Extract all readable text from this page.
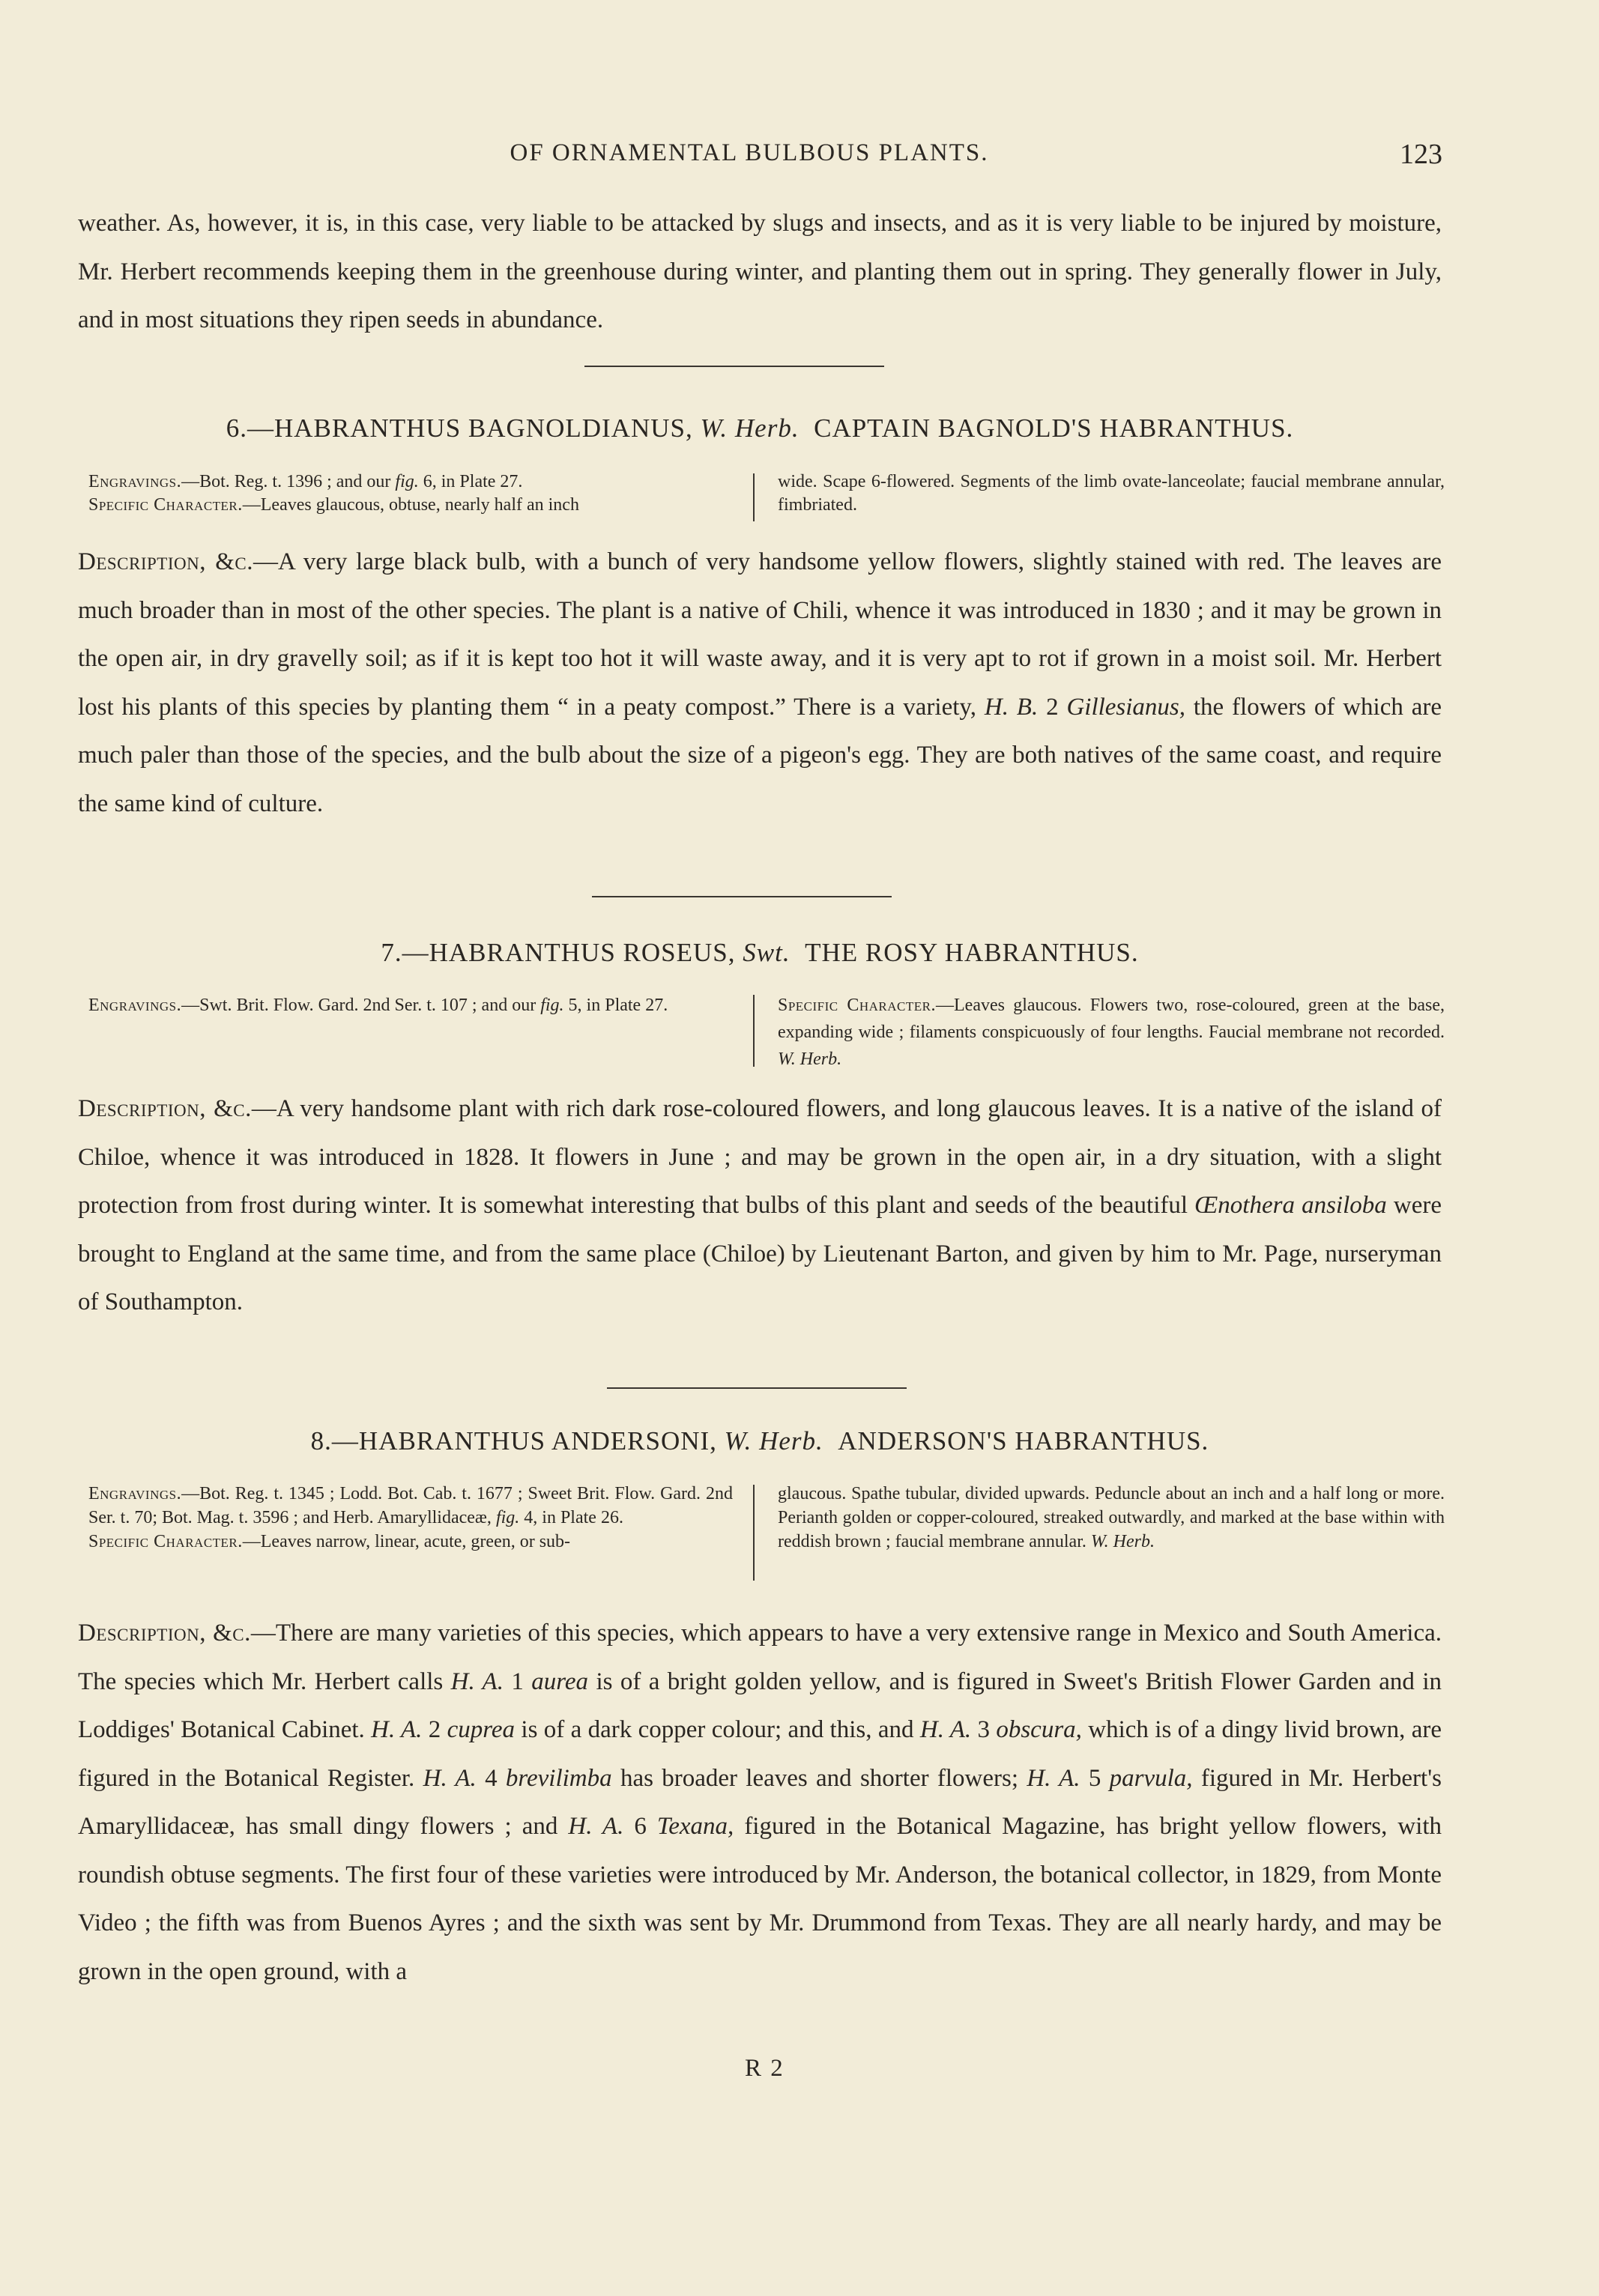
OF ORNAMENTAL BULBOUS PLANTS.	123
weather. As, however, it is, in this case, very liable to be attacked by slugs and insects, and as it is very liable to be injured by moisture, Mr. Herbert recommends keeping them in the greenhouse during winter, and planting them out in spring. They generally flower in July, and in most situations they ripen seeds in abundance.
6.—HABRANTHUS BAGNOLDIANUS, W. Herb. CAPTAIN BAGNOLD'S HABRANTHUS.
Engravings.—Bot. Reg. t. 1396 ; and our fig. 6, in Plate 27.
Specific Character.—Leaves glaucous, obtuse, nearly half an inch
wide. Scape 6-flowered. Segments of the limb ovate-lanceolate; faucial membrane annular, fimbriated.
Description, &c.—A very large black bulb, with a bunch of very handsome yellow flowers, slightly stained with red. The leaves are much broader than in most of the other species. The plant is a native of Chili, whence it was introduced in 1830 ; and it may be grown in the open air, in dry gravelly soil; as if it is kept too hot it will waste away, and it is very apt to rot if grown in a moist soil. Mr. Herbert lost his plants of this species by planting them “ in a peaty compost.” There is a variety, H. B. 2 Gillesianus, the flowers of which are much paler than those of the species, and the bulb about the size of a pigeon's egg. They are both natives of the same coast, and require the same kind of culture.
7.—HABRANTHUS ROSEUS, Swt. THE ROSY HABRANTHUS.
Engravings.—Swt. Brit. Flow. Gard. 2nd Ser. t. 107 ; and our fig. 5, in Plate 27.	Specific Character.—Leaves glaucous. Flowers two, rose-coloured, green at the base, expanding wide ; filaments conspicuously of four lengths. Faucial membrane not recorded. W. Herb.
Description, &c.—A very handsome plant with rich dark rose-coloured flowers, and long glaucous leaves. It is a native of the island of Chiloe, whence it was introduced in 1828. It flowers in June ; and may be grown in the open air, in a dry situation, with a slight protection from frost during winter. It is somewhat interesting that bulbs of this plant and seeds of the beautiful Œnothera ansiloba were brought to England at the same time, and from the same place (Chiloe) by Lieutenant Barton, and given by him to Mr. Page, nurseryman of Southampton.
8.—HABRANTHUS ANDERSONI, W. Herb. ANDERSON'S HABRANTHUS.
Engravings.—Bot. Reg. t. 1345 ; Lodd. Bot. Cab. t. 1677 ; Sweet Brit. Flow. Gard. 2nd Ser. t. 70; Bot. Mag. t. 3596 ; and Herb. Amaryllidaceæ, fig. 4, in Plate 26.
Specific Character.—Leaves narrow, linear, acute, green, or sub-
glaucous. Spathe tubular, divided upwards. Peduncle about an inch and a half long or more. Perianth golden or copper-coloured, streaked outwardly, and marked at the base within with reddish brown ; faucial membrane annular. W. Herb.
Description, &c.—There are many varieties of this species, which appears to have a very extensive range in Mexico and South America. The species which Mr. Herbert calls H. A. 1 aurea is of a bright golden yellow, and is figured in Sweet's British Flower Garden and in Loddiges' Botanical Cabinet. H. A. 2 cuprea is of a dark copper colour; and this, and H. A. 3 obscura, which is of a dingy livid brown, are figured in the Botanical Register. H. A. 4 brevilimba has broader leaves and shorter flowers; H. A. 5 parvula, figured in Mr. Herbert's Amaryllidaceæ, has small dingy flowers ; and H. A. 6 Texana, figured in the Botanical Magazine, has bright yellow flowers, with roundish obtuse segments. The first four of these varieties were introduced by Mr. Anderson, the botanical collector, in 1829, from Monte Video ; the fifth was from Buenos Ayres ; and the sixth was sent by Mr. Drummond from Texas. They are all nearly hardy, and may be grown in the open ground, with a
R 2
